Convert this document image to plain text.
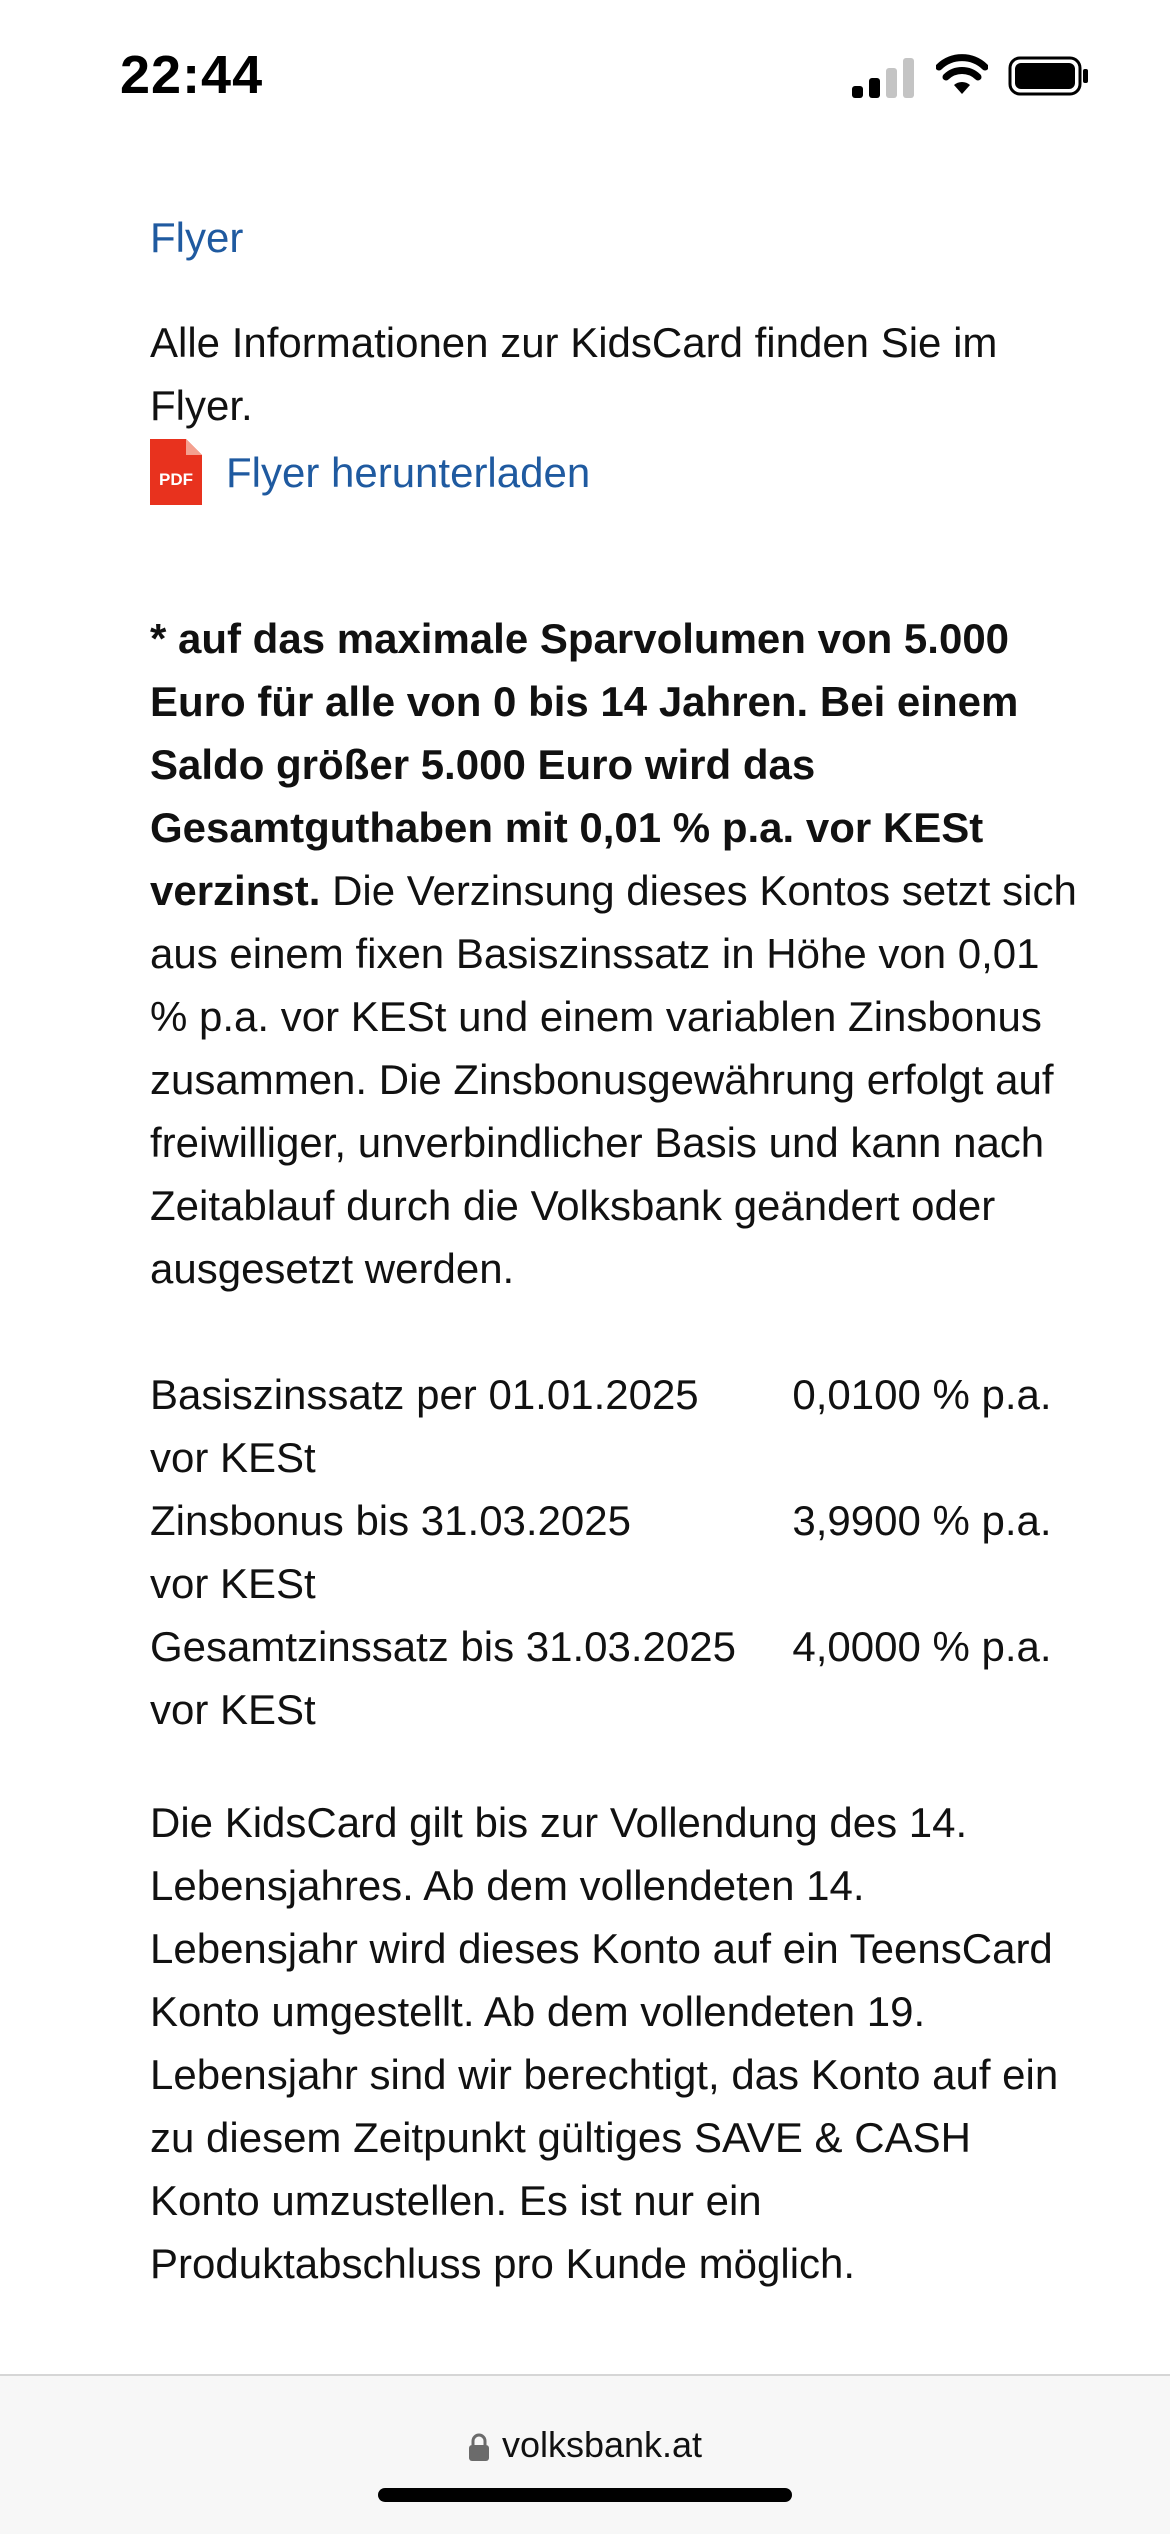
22:44
Flyer
Alle Informationen zur KidsCard finden Sie im Flyer.
PDF Flyer herunterladen
* auf das maximale Sparvolumen von 5.000 Euro für alle von 0 bis 14 Jahren. Bei einem Saldo größer 5.000 Euro wird das Gesamtguthaben mit 0,01 % p.a. vor KESt verzinst. Die Verzinsung dieses Kontos setzt sich aus einem fixen Basiszinssatz in Höhe von 0,01 % p.a. vor KESt und einem variablen Zinsbonus zusammen. Die Zinsbonusgewährung erfolgt auf freiwilliger, unverbindlicher Basis und kann nach Zeitablauf durch die Volksbank geändert oder ausgesetzt werden.
Basiszinssatz per 01.01.2025	0,0100 % p.a.
vor KESt
Zinsbonus bis 31.03.2025	3,9900 % p.a.
vor KESt
Gesamtzinssatz bis 31.03.2025	4,0000 % p.a.
vor KESt
Die KidsCard gilt bis zur Vollendung des 14. Lebensjahres. Ab dem vollendeten 14. Lebensjahr wird dieses Konto auf ein TeensCard Konto umgestellt. Ab dem vollendeten 19. Lebensjahr sind wir berechtigt, das Konto auf ein zu diesem Zeitpunkt gültiges SAVE & CASH Konto umzustellen. Es ist nur ein Produktabschluss pro Kunde möglich.
volksbank.at
